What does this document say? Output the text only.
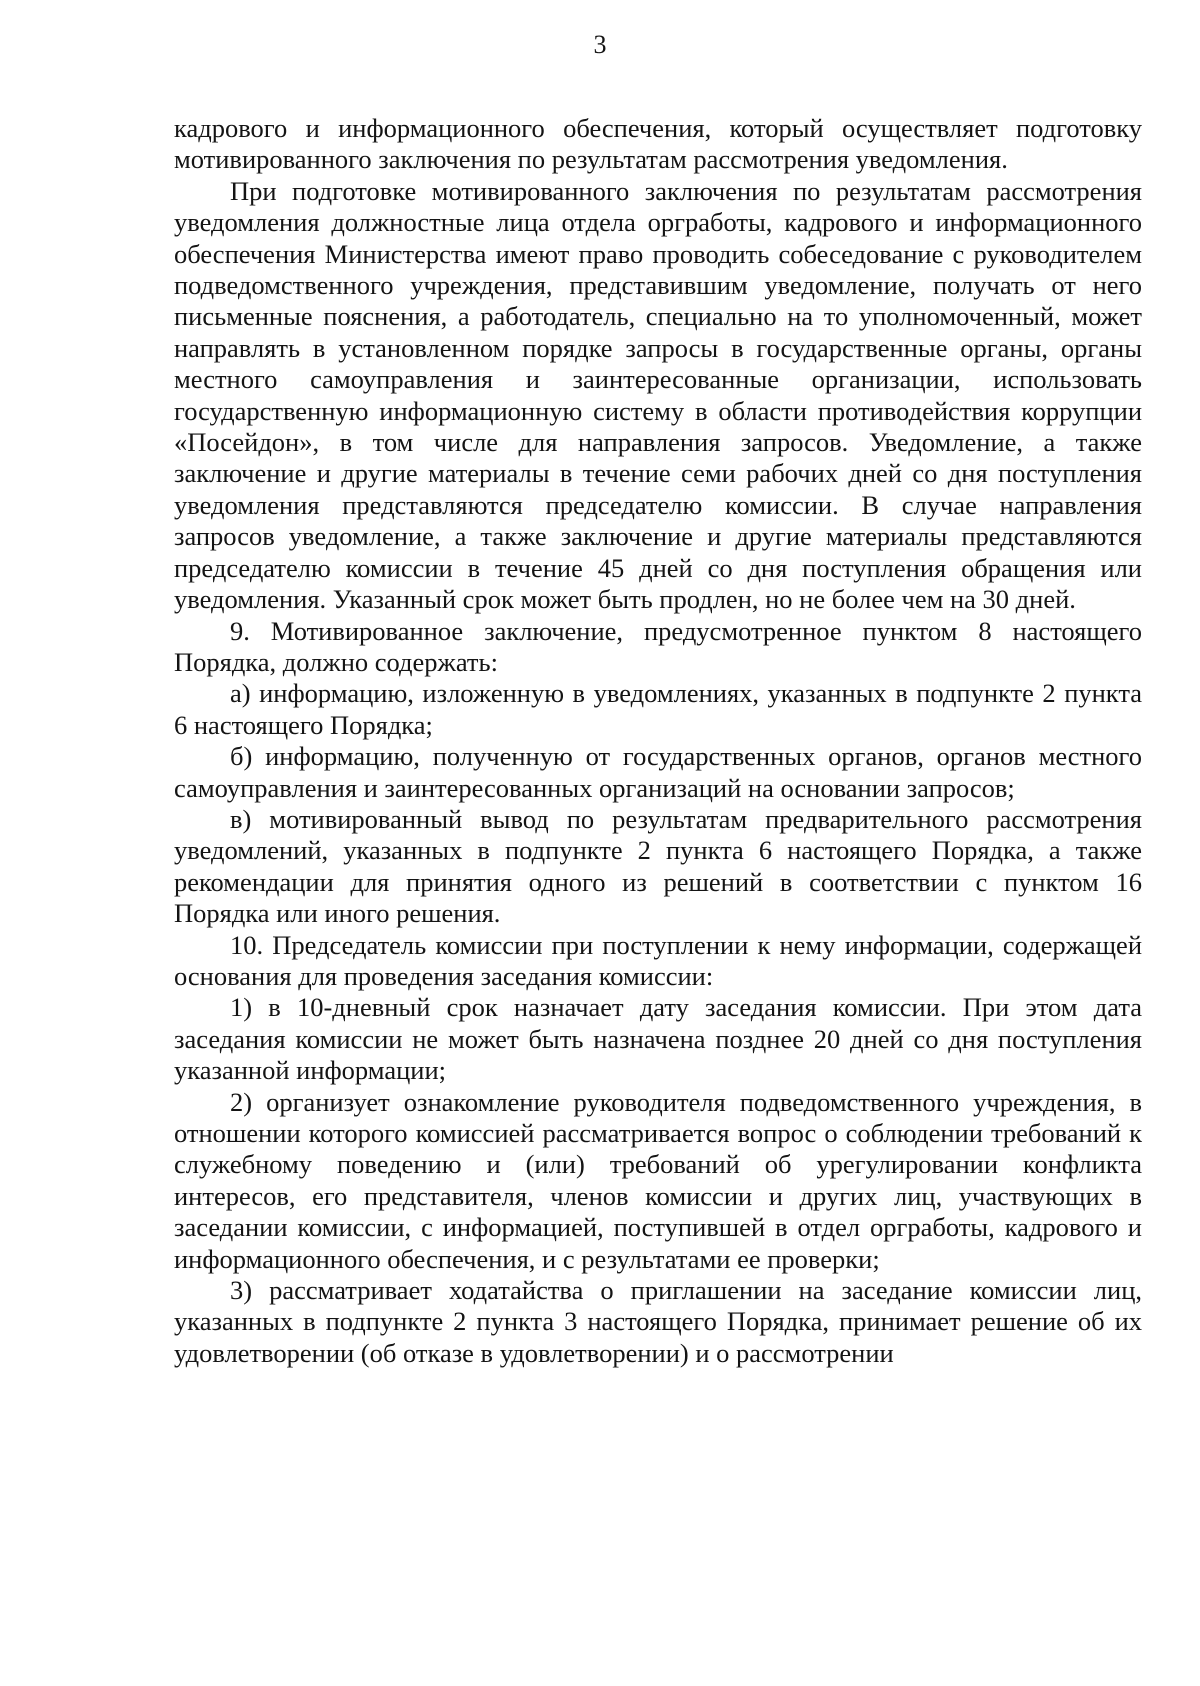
3

кадрового и информационного обеспечения, который осуществляет подготовку мотивированного заключения по результатам рассмотрения уведомления.

При подготовке мотивированного заключения по результатам рассмотрения уведомления должностные лица отдела оргработы, кадрового и информационного обеспечения Министерства имеют право проводить собеседование с руководителем подведомственного учреждения, представившим уведомление, получать от него письменные пояснения, а работодатель, специально на то уполномоченный, может направлять в установленном порядке запросы в государственные органы, органы местного самоуправления и заинтересованные организации, использовать государственную информационную систему в области противодействия коррупции «Посейдон», в том числе для направления запросов. Уведомление, а также заключение и другие материалы в течение семи рабочих дней со дня поступления уведомления представляются председателю комиссии. В случае направления запросов уведомление, а также заключение и другие материалы представляются председателю комиссии в течение 45 дней со дня поступления обращения или уведомления. Указанный срок может быть продлен, но не более чем на 30 дней.

9. Мотивированное заключение, предусмотренное пунктом 8 настоящего Порядка, должно содержать:

а) информацию, изложенную в уведомлениях, указанных в подпункте 2 пункта 6 настоящего Порядка;

б) информацию, полученную от государственных органов, органов местного самоуправления и заинтересованных организаций на основании запросов;

в) мотивированный вывод по результатам предварительного рассмотрения уведомлений, указанных в подпункте 2 пункта 6 настоящего Порядка, а также рекомендации для принятия одного из решений в соответствии с пунктом 16 Порядка или иного решения.

10. Председатель комиссии при поступлении к нему информации, содержащей основания для проведения заседания комиссии:

1) в 10-дневный срок назначает дату заседания комиссии. При этом дата заседания комиссии не может быть назначена позднее 20 дней со дня поступления указанной информации;

2) организует ознакомление руководителя подведомственного учреждения, в отношении которого комиссией рассматривается вопрос о соблюдении требований к служебному поведению и (или) требований об урегулировании конфликта интересов, его представителя, членов комиссии и других лиц, участвующих в заседании комиссии, с информацией, поступившей в отдел оргработы, кадрового и информационного обеспечения, и с результатами ее проверки;

3) рассматривает ходатайства о приглашении на заседание комиссии лиц, указанных в подпункте 2 пункта 3 настоящего Порядка, принимает решение об их удовлетворении (об отказе в удовлетворении) и о рассмотрении
